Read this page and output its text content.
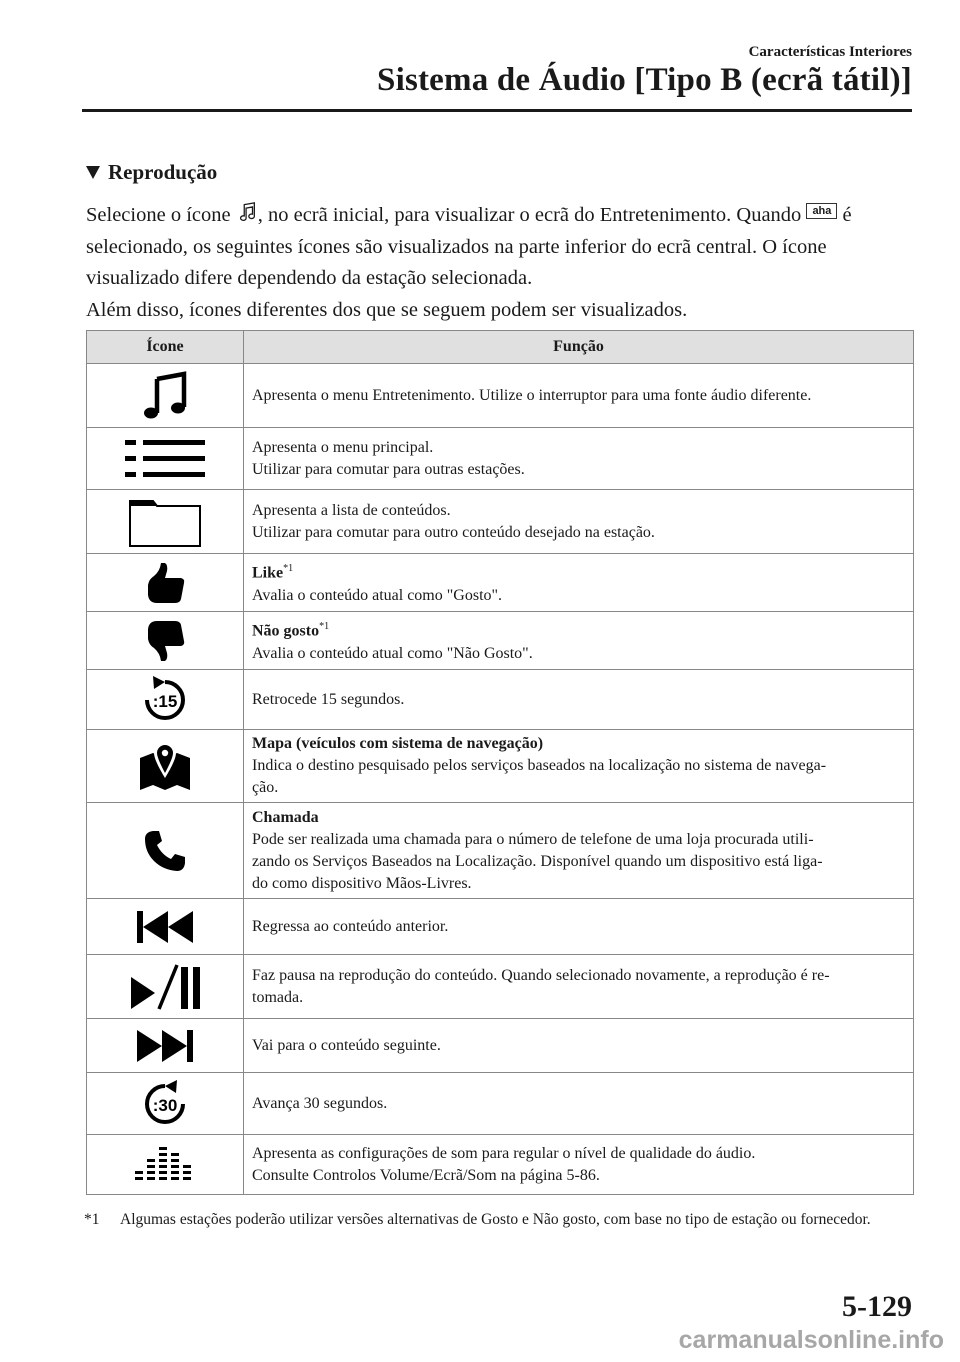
Características Interiores
Sistema de Áudio [Tipo B (ecrã tátil)]
Reprodução

Selecione o ícone , no ecrã inicial, para visualizar o ecrã do Entretenimento. Quando aha é selecionado, os seguintes ícones são visualizados na parte inferior do ecrã central. O ícone visualizado difere dependendo da estação selecionada.

Além disso, ícones diferentes dos que se seguem podem ser visualizados.

Ícone	Função

Apresenta o menu Entretenimento. Utilize o interruptor para uma fonte áudio diferente.

Apresenta o menu principal.
Utilizar para comutar para outras estações.

Apresenta a lista de conteúdos.
Utilizar para comutar para outro conteúdo desejado na estação.

Like$^{*1}$
Avalia o conteúdo atual como "Gosto".

Não gosto$^{*1}$
Avalia o conteúdo atual como "Não Gosto".

:15	Retrocede 15 segundos.

Mapa (veículos com sistema de navegação)
Indica o destino pesquisado pelos serviços baseados na localização no sistema de navega-
ção.

Chamada
Pode ser realizada uma chamada para o número de telefone de uma loja procurada utili-
zando os Serviços Baseados na Localização. Disponível quando um dispositivo está liga-
do como dispositivo Mãos-Livres.

Regressa ao conteúdo anterior.

Faz pausa na reprodução do conteúdo. Quando selecionado novamente, a reprodução é re-
tomada.

Vai para o conteúdo seguinte.

:30	Avança 30 segundos.

Apresenta as configurações de som para regular o nível de qualidade do áudio.
Consulte Controlos Volume/Ecrã/Som na página 5-86.
*1 Algumas estações poderão utilizar versões alternativas de Gosto e Não gosto, com base no tipo de estação ou fornecedor.
5-129
carmanualsonline.info
